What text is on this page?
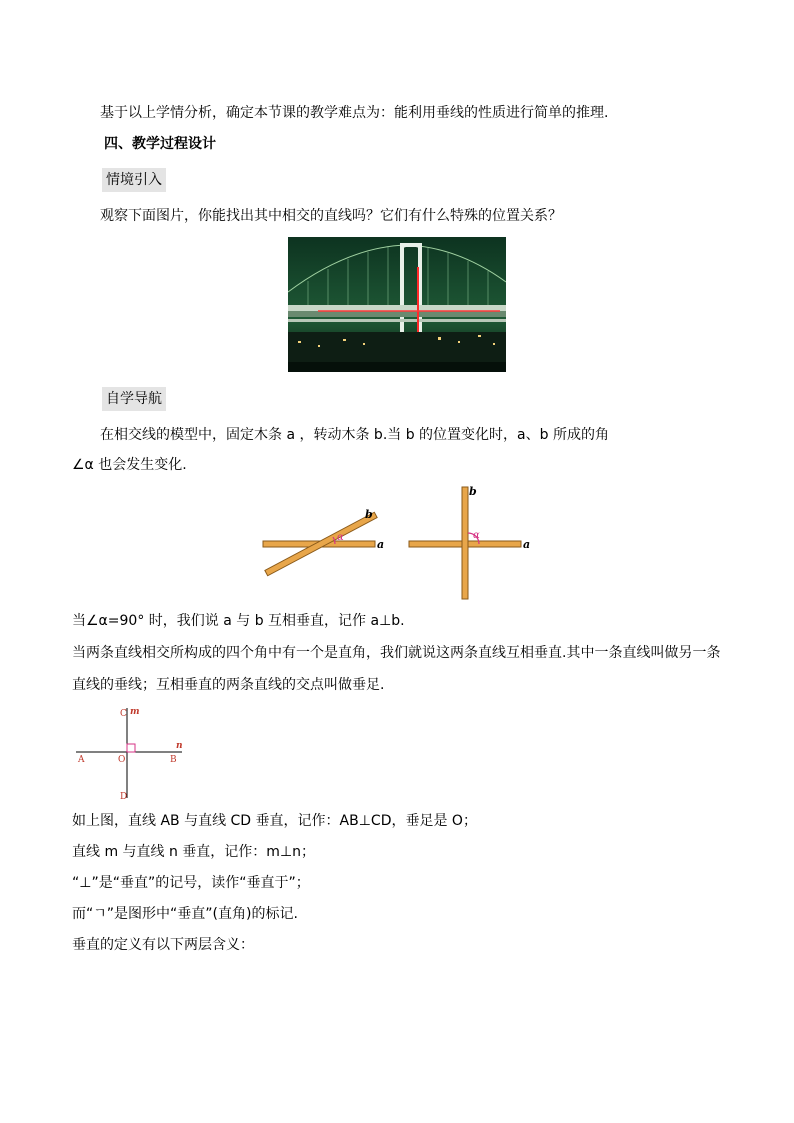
基于以上学情分析，确定本节课的教学难点为：能利用垂线的性质进行简单的推理.
四、教学过程设计
情境引入
观察下面图片，你能找出其中相交的直线吗？它们有什么特殊的位置关系？
自学导航
在相交线的模型中，固定木条 a ，转动木条 b.当 b 的位置变化时，a、b 所成的角
∠α 也会发生变化.
α
a
b
α
a
b
当∠α=90° 时，我们说 a 与 b 互相垂直，记作 a⊥b.
当两条直线相交所构成的四个角中有一个是直角，我们就说这两条直线互相垂直.其中一条直线叫做另一条
直线的垂线；互相垂直的两条直线的交点叫做垂足.
C m
n
A	O	B
D
如上图，直线 AB 与直线 CD 垂直，记作：AB⊥CD，垂足是 O；
直线 m 与直线 n 垂直，记作：m⊥n；
“⊥”是“垂直”的记号，读作“垂直于”；
而“ㄱ”是图形中“垂直”(直角)的标记.
垂直的定义有以下两层含义：
